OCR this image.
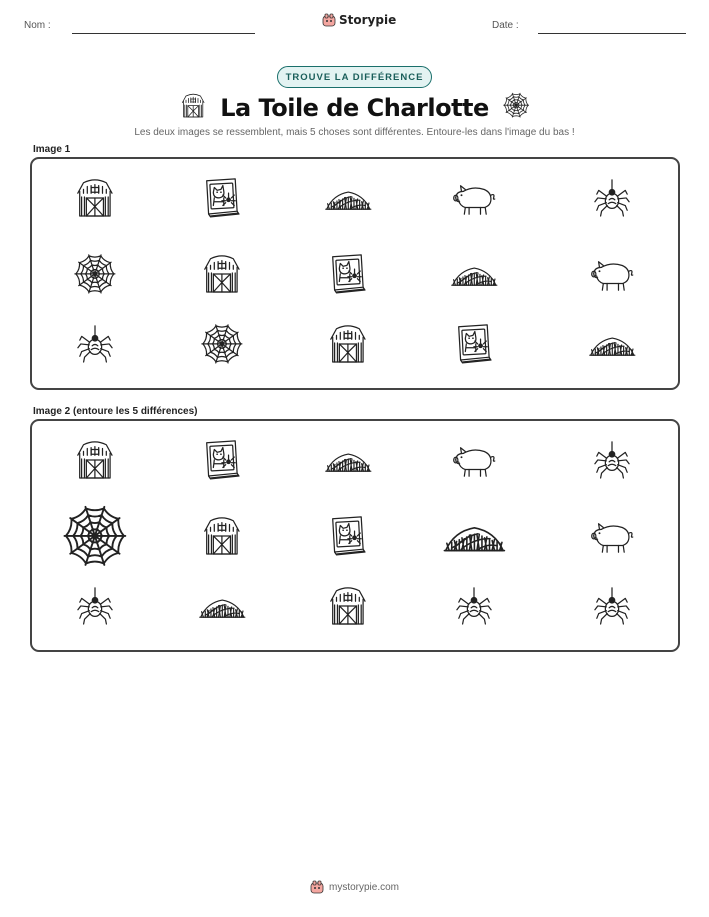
Nom :	Storypie	Date :
TROUVE LA DIFFÉRENCE
La Toile de Charlotte
Les deux images se ressemblent, mais 5 choses sont différentes. Entoure-les dans l'image du bas !
Image 1
Image 2 (entoure les 5 différences)
mystorypie.com
